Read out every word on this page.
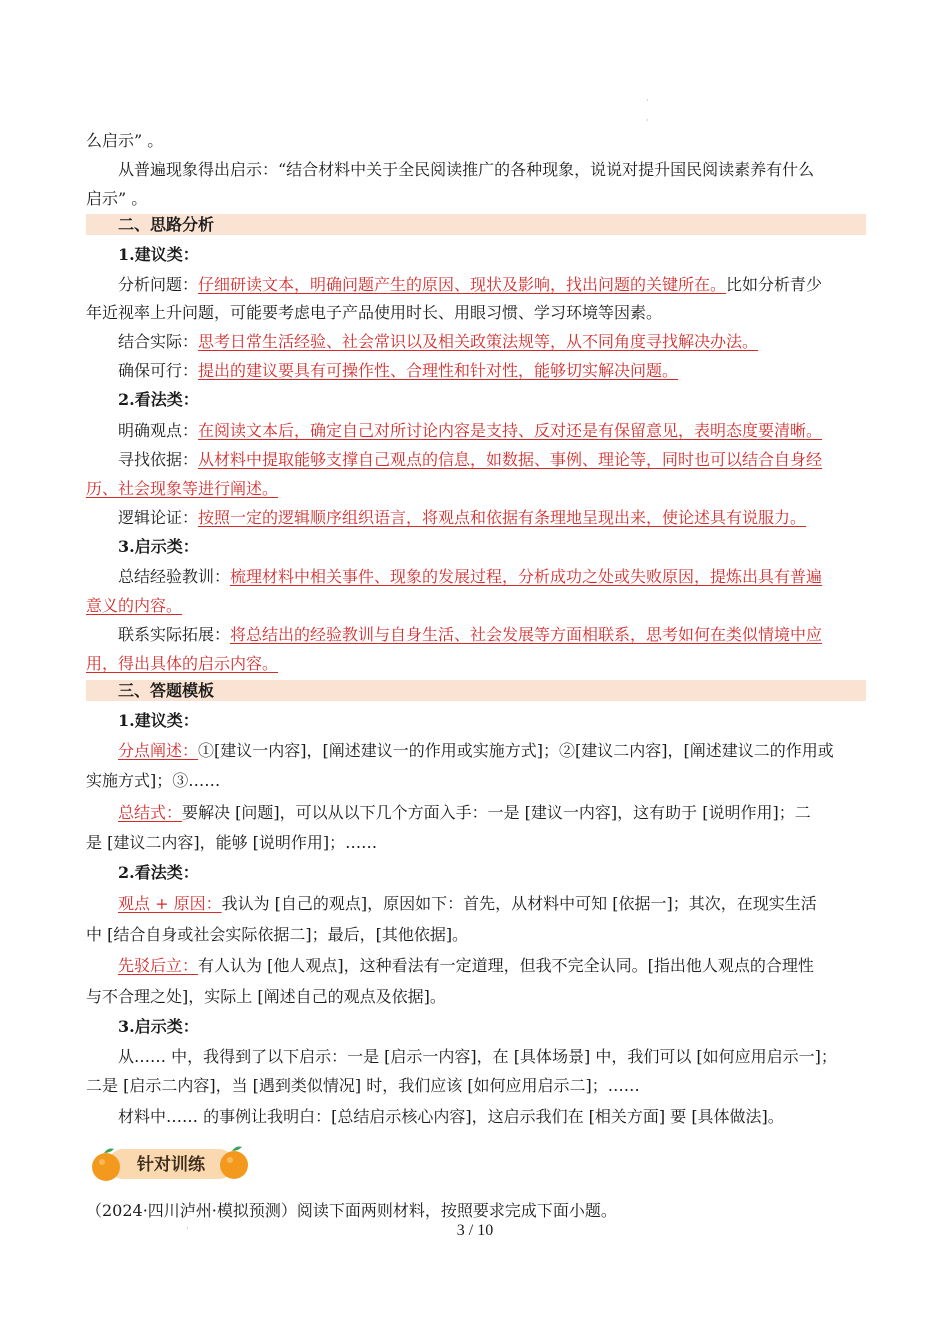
·
·
么启示” 。
从普遍现象得出启示：“结合材料中关于全民阅读推广的各种现象，说说对提升国民阅读素养有什么
启示” 。
二、思路分析
1.建议类：
分析问题：仔细研读文本，明确问题产生的原因、现状及影响，找出问题的关键所在。比如分析青少
年近视率上升问题，可能要考虑电子产品使用时长、用眼习惯、学习环境等因素。
结合实际：思考日常生活经验、社会常识以及相关政策法规等，从不同角度寻找解决办法。
确保可行：提出的建议要具有可操作性、合理性和针对性，能够切实解决问题。
2.看法类：
明确观点：在阅读文本后，确定自己对所讨论内容是支持、反对还是有保留意见，表明态度要清晰。
寻找依据：从材料中提取能够支撑自己观点的信息，如数据、事例、理论等，同时也可以结合自身经
历、社会现象等进行阐述。
逻辑论证：按照一定的逻辑顺序组织语言，将观点和依据有条理地呈现出来，使论述具有说服力。
3.启示类：
总结经验教训：梳理材料中相关事件、现象的发展过程，分析成功之处或失败原因，提炼出具有普遍
意义的内容。
联系实际拓展：将总结出的经验教训与自身生活、社会发展等方面相联系，思考如何在类似情境中应
用，得出具体的启示内容。
三、答题模板
1.建议类：
分点阐述：①[建议一内容]，[阐述建议一的作用或实施方式]；②[建议二内容]，[阐述建议二的作用或
实施方式]；③……
总结式：要解决 [问题]，可以从以下几个方面入手：一是 [建议一内容]，这有助于 [说明作用]；二
是 [建议二内容]，能够 [说明作用]；……
2.看法类：
观点 + 原因：我认为 [自己的观点]，原因如下：首先，从材料中可知 [依据一]；其次，在现实生活
中 [结合自身或社会实际依据二]；最后，[其他依据]。
先驳后立：有人认为 [他人观点]，这种看法有一定道理，但我不完全认同。[指出他人观点的合理性
与不合理之处]，实际上 [阐述自己的观点及依据]。
3.启示类：
从…… 中，我得到了以下启示：一是 [启示一内容]，在 [具体场景] 中，我们可以 [如何应用启示一]；
二是 [启示二内容]，当 [遇到类似情况] 时，我们应该 [如何应用启示二]；……
材料中…… 的事例让我明白：[总结启示核心内容]，这启示我们在 [相关方面] 要 [具体做法]。
针对训练
（2024·四川泸州·模拟预测）阅读下面两则材料，按照要求完成下面小题。
·	3 / 10
